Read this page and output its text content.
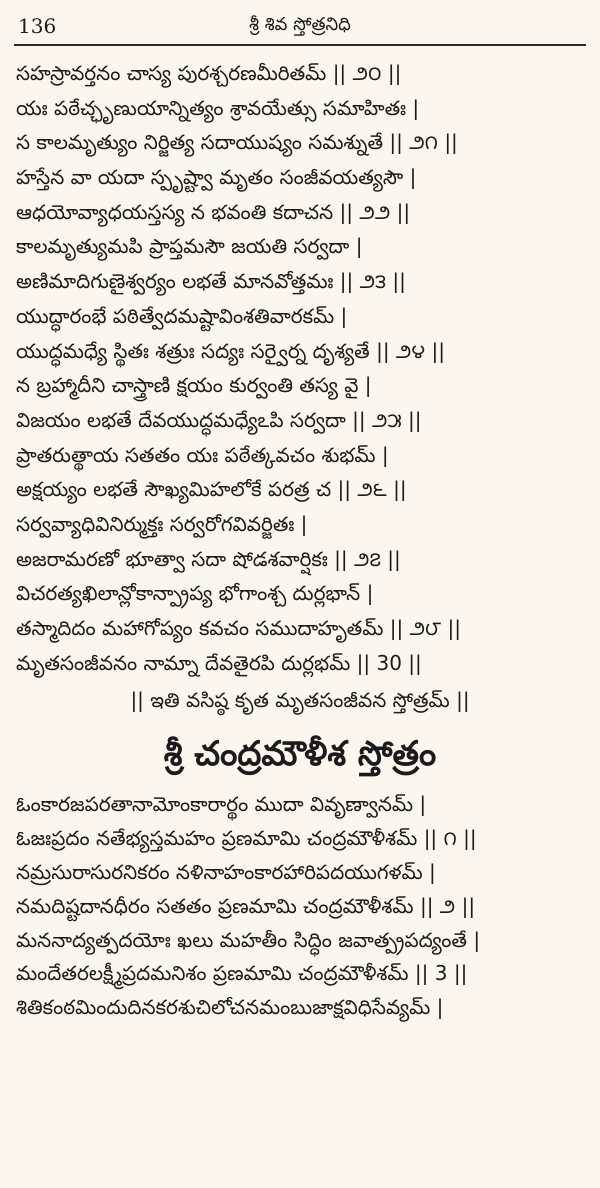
136	శ్రీ శివ స్తోత్రనిధి
సహస్రావర్తనం చాస్య పురశ్చరణమీరితమ్ || ౨౦ ||
యః పఠేచ్ఛృణుయాన్నిత్యం శ్రావయేత్సు సమాహితః |
స కాలమృత్యుం నిర్జిత్య సదాయుష్యం సమశ్నుతే || ౨౧ ||
హస్తేన వా యదా స్పృష్ట్వా మృతం సంజీవయత్యసౌ |
ఆధయోవ్యాధయస్తస్య న భవంతి కదాచన || ౨౨ ||
కాలమృత్యుమపి ప్రాప్తమసౌ జయతి సర్వదా |
అణిమాదిగుణైశ్వర్యం లభతే మానవోత్తమః || ౨౩ ||
యుద్ధారంభే పఠిత్వేదమష్టావింశతివారకమ్ |
యుద్ధమధ్యే స్థితః శత్రుః సద్యః సర్వైర్న దృశ్యతే || ౨౪ ||
న బ్రహ్మాదీని చాస్త్రాణి క్షయం కుర్వంతి తస్య వై |
విజయం లభతే దేవయుద్ధమధ్యేఽపి సర్వదా || ౨౫ ||
ప్రాతరుత్థాయ సతతం యః పఠేత్కవచం శుభమ్ |
అక్షయ్యం లభతే సౌఖ్యమిహలోకే పరత్ర చ || ౨౬ ||
సర్వవ్యాధివినిర్ముక్తః సర్వరోగవివర్జితః |
అజరామరణో భూత్వా సదా షోడశవార్షికః || ౨౭ ||
విచరత్యఖిలాన్లోకాన్ప్రాప్య భోగాంశ్చ దుర్లభాన్ |
తస్మాదిదం మహాగోప్యం కవచం సముదాహృతమ్ || ౨౮ ||
మృతసంజీవనం నామ్నా దేవతైరపి దుర్లభమ్ || 30 ||
|| ఇతి వసిష్ఠ కృత మృతసంజీవన స్తోత్రమ్ ||
శ్రీ చంద్రమౌళీశ స్తోత్రం
ఓంకారజపరతానామోంకారార్థం ముదా వివృణ్వానమ్ |
ఓజఃప్రదం నతేభ్యస్తమహం ప్రణమామి చంద్రమౌళీశమ్ || ౧ ||
నమ్రసురాసురనికరం నళినాహంకారహారిపదయుగళమ్ |
నమదిష్టదానధీరం సతతం ప్రణమామి చంద్రమౌళీశమ్ || ౨ ||
మననాద్యత్పదయోః ఖలు మహతీం సిద్ధిం జవాత్ప్రపద్యంతే |
మందేతరలక్ష్మీప్రదమనిశం ప్రణమామి చంద్రమౌళీశమ్ || 3 ||
శితికంఠమిందుదినకరశుచిలోచనమంబుజాక్షవిధిసేవ్యమ్ |
